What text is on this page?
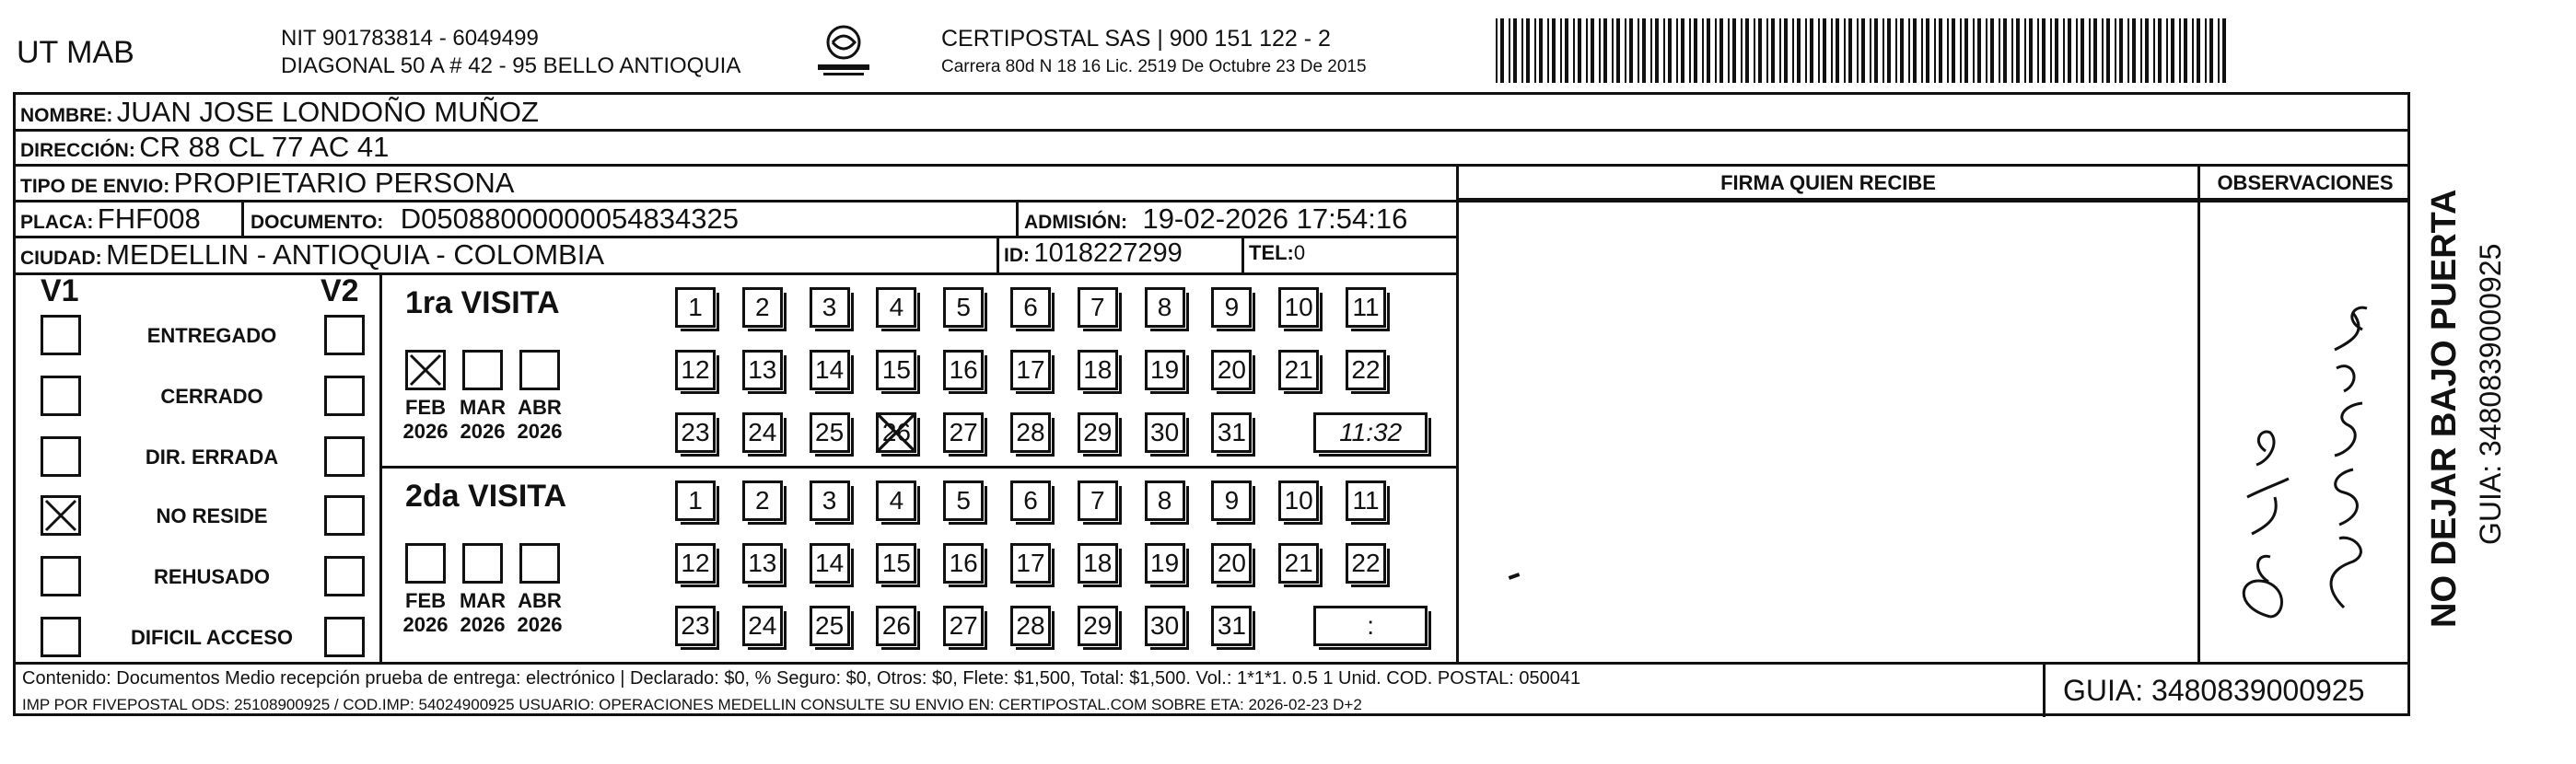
UT MAB	NIT 901783814 - 6049499
DIAGONAL 50 A # 42 - 95 BELLO ANTIOQUIA
CERTIPOSTAL SAS | 900 151 122 - 2
Carrera 80d N 18 16 Lic. 2519 De Octubre 23 De 2015
NOMBRE: JUAN JOSE LONDOÑO MUÑOZ
DIRECCIÓN: CR 88 CL 77 AC 41
TIPO DE ENVIO: PROPIETARIO PERSONA	FIRMA QUIEN RECIBE	OBSERVACIONES
PLACA: FHF008	DOCUMENTO: D05088000000054834325	ADMISIÓN: 19-02-2026 17:54:16
CIUDAD: MEDELLIN - ANTIOQUIA - COLOMBIA	ID: 1018227299	TEL:0
V1	V2
ENTREGADO
CERRADO
DIR. ERRADA
NO RESIDE
REHUSADO
DIFICIL ACCESO
1ra VISITA
FEB
2026
MAR
2026
ABR
2026
1	2	3	4	5	6	7	8	9	10 11
12 13 14 15 16 17 18 19 20 21 22
23 24 25 26 27 28 29 30 31	11:32
2da VISITA
FEB
2026
MAR
2026
ABR
2026
1	2	3	4	5	6	7	8	9	10 11
12 13 14 15 16 17 18 19 20 21 22
23 24 25 26 27 28 29 30 31	:	NO DEJAR BAJO PUERTA GUIA: 3480839000925
Contenido: Documentos Medio recepción prueba de entrega: electrónico | Declarado: $0, % Seguro: $0, Otros: $0, Flete: $1,500, Total: $1,500. Vol.: 1*1*1. 0.5 1 Unid. COD. POSTAL: 050041
IMP POR FIVEPOSTAL ODS: 25108900925 / COD.IMP: 54024900925 USUARIO: OPERACIONES MEDELLIN CONSULTE SU ENVIO EN: CERTIPOSTAL.COM SOBRE ETA: 2026-02-23 D+2	GUIA: 3480839000925
